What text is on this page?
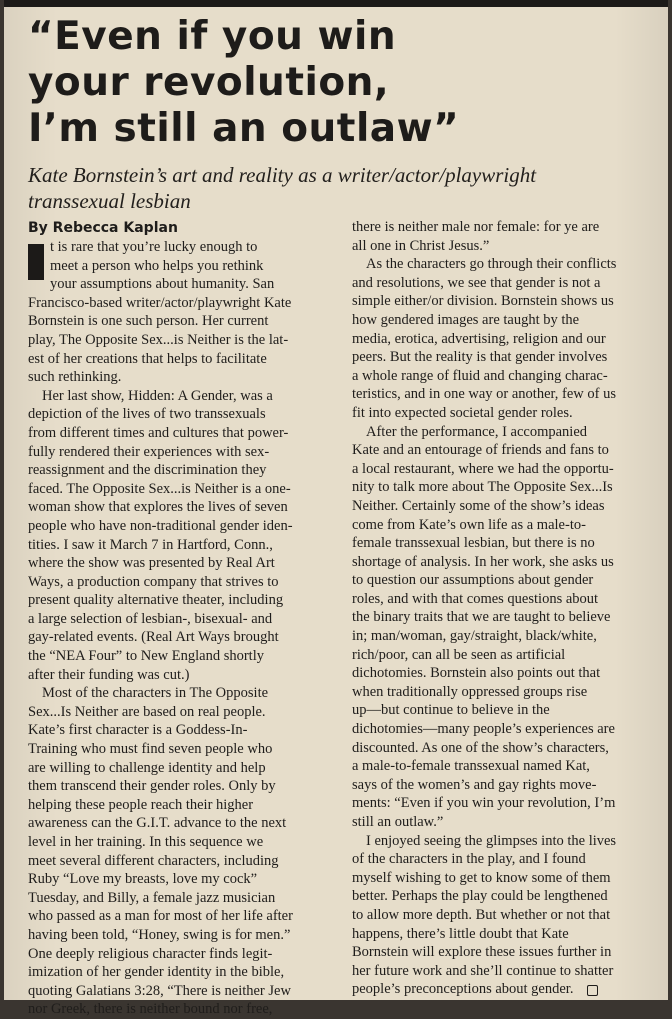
“Even if you win
your revolution,
I’m still an outlaw”
Kate Bornstein’s art and reality as a writer/actor/playwright
transsexual lesbian
By Rebecca Kaplan
t is rare that you’re lucky enough to
meet a person who helps you rethink
your assumptions about humanity. San
Francisco-based writer/actor/playwright Kate
Bornstein is one such person. Her current
play, The Opposite Sex...is Neither is the lat-
est of her creations that helps to facilitate
such rethinking.
Her last show, Hidden: A Gender, was a
depiction of the lives of two transsexuals
from different times and cultures that power-
fully rendered their experiences with sex-
reassignment and the discrimination they
faced. The Opposite Sex...is Neither is a one-
woman show that explores the lives of seven
people who have non-traditional gender iden-
tities. I saw it March 7 in Hartford, Conn.,
where the show was presented by Real Art
Ways, a production company that strives to
present quality alternative theater, including
a large selection of lesbian-, bisexual- and
gay-related events. (Real Art Ways brought
the “NEA Four” to New England shortly
after their funding was cut.)
Most of the characters in The Opposite
Sex...Is Neither are based on real people.
Kate’s first character is a Goddess-In-
Training who must find seven people who
are willing to challenge identity and help
them transcend their gender roles. Only by
helping these people reach their higher
awareness can the G.I.T. advance to the next
level in her training. In this sequence we
meet several different characters, including
Ruby “Love my breasts, love my cock”
Tuesday, and Billy, a female jazz musician
who passed as a man for most of her life after
having been told, “Honey, swing is for men.”
One deeply religious character finds legit-
imization of her gender identity in the bible,
quoting Galatians 3:28, “There is neither Jew
nor Greek, there is neither bound nor free,
there is neither male nor female: for ye are
all one in Christ Jesus.”
As the characters go through their conflicts
and resolutions, we see that gender is not a
simple either/or division. Bornstein shows us
how gendered images are taught by the
media, erotica, advertising, religion and our
peers. But the reality is that gender involves
a whole range of fluid and changing charac-
teristics, and in one way or another, few of us
fit into expected societal gender roles.
After the performance, I accompanied
Kate and an entourage of friends and fans to
a local restaurant, where we had the opportu-
nity to talk more about The Opposite Sex...Is
Neither. Certainly some of the show’s ideas
come from Kate’s own life as a male-to-
female transsexual lesbian, but there is no
shortage of analysis. In her work, she asks us
to question our assumptions about gender
roles, and with that comes questions about
the binary traits that we are taught to believe
in; man/woman, gay/straight, black/white,
rich/poor, can all be seen as artificial
dichotomies. Bornstein also points out that
when traditionally oppressed groups rise
up—but continue to believe in the
dichotomies—many people’s experiences are
discounted. As one of the show’s characters,
a male-to-female transsexual named Kat,
says of the women’s and gay rights move-
ments: “Even if you win your revolution, I’m
still an outlaw.”
I enjoyed seeing the glimpses into the lives
of the characters in the play, and I found
myself wishing to get to know some of them
better. Perhaps the play could be lengthened
to allow more depth. But whether or not that
happens, there’s little doubt that Kate
Bornstein will explore these issues further in
her future work and she’ll continue to shatter
people’s preconceptions about gender.
